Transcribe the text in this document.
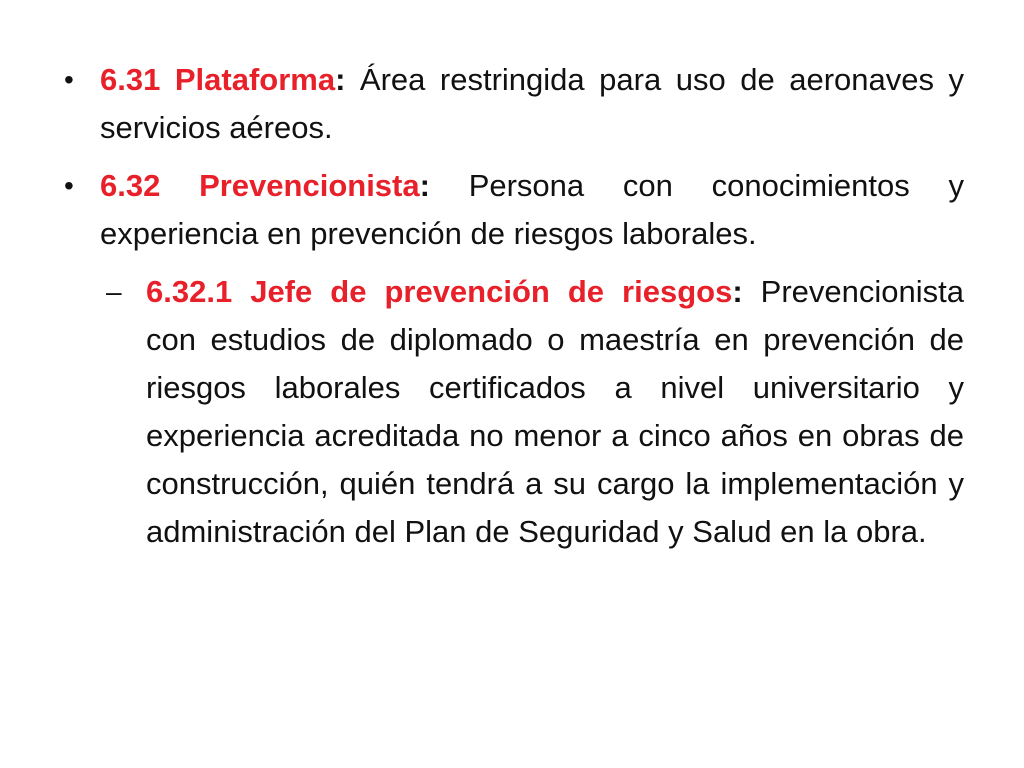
• 6.31 Plataforma: Área restringida para uso de aeronaves y servicios aéreos.
• 6.32 Prevencionista: Persona con conocimientos y experiencia en prevención de riesgos laborales.
– 6.32.1 Jefe de prevención de riesgos: Prevencionista con estudios de diplomado o maestría en prevención de riesgos laborales certificados a nivel universitario y experiencia acreditada no menor a cinco años en obras de construcción, quién tendrá a su cargo la implementación y administración del Plan de Seguridad y Salud en la obra.
